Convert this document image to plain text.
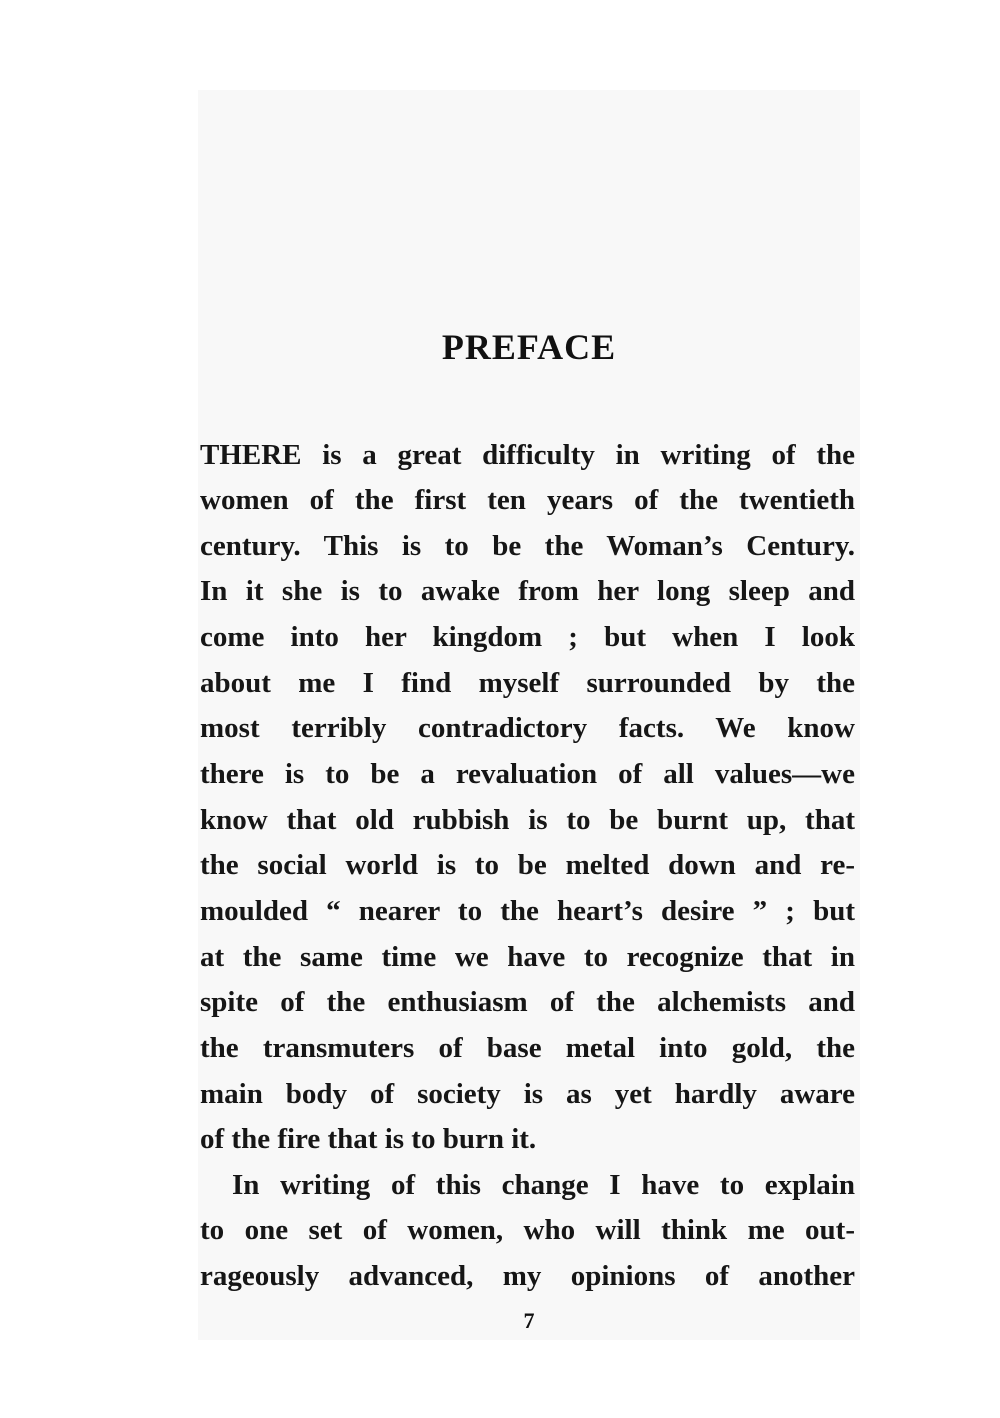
PREFACE
THERE is a great difficulty in writing of the
women of the first ten years of the twentieth
century. This is to be the Woman’s Century.
In it she is to awake from her long sleep and
come into her kingdom ; but when I look
about me I find myself surrounded by the
most terribly contradictory facts. We know
there is to be a revaluation of all values—we
know that old rubbish is to be burnt up, that
the social world is to be melted down and re-
moulded “ nearer to the heart’s desire ” ; but
at the same time we have to recognize that in
spite of the enthusiasm of the alchemists and
the transmuters of base metal into gold, the
main body of society is as yet hardly aware
of the fire that is to burn it.
In writing of this change I have to explain
to one set of women, who will think me out-
rageously advanced, my opinions of another
7
